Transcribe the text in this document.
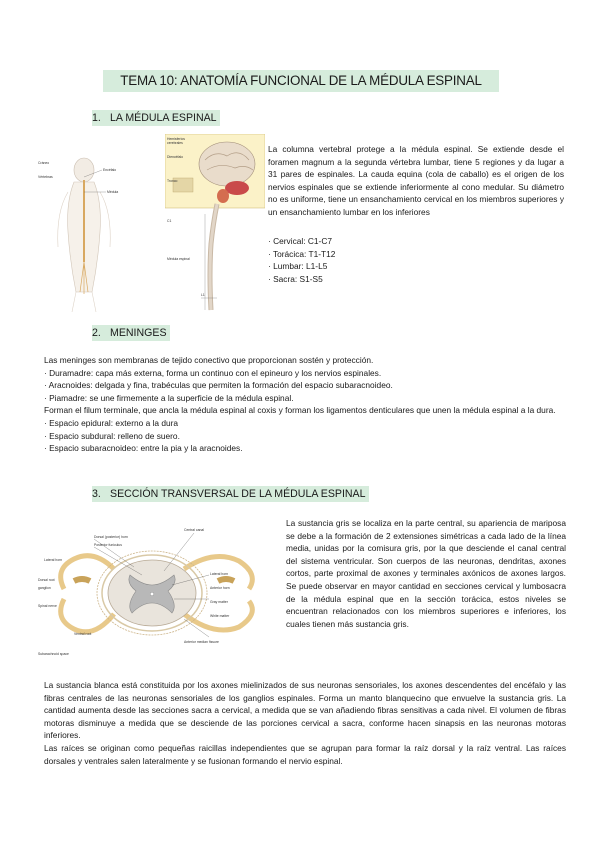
TEMA 10: ANATOMÍA FUNCIONAL DE LA MÉDULA ESPINAL
1. LA MÉDULA ESPINAL
Encéfalo
Médula
Cráneo
Vértebras
Hemisferios
cerebrales
Diencéfalo
Tronco
C1
Médula espinal
L1

La columna vertebral protege a la médula espinal. Se extiende desde el foramen magnum a la segunda vértebra lumbar, tiene 5 regiones y da lugar a 31 pares de espinales. La cauda equina (cola de caballo) es el origen de los nervios espinales que se extiende inferiormente al cono medular. Su diámetro no es uniforme, tiene un ensanchamiento cervical en los miembros superiores y un ensanchamiento lumbar en los inferiores

· Cervical: C1-C7

· Torácica: T1-T12

· Lumbar: L1-L5

· Sacra: S1-S5

2. MENINGES

Las meninges son membranas de tejido conectivo que proporcionan sostén y protección.

· Duramadre: capa más externa, forma un continuo con el epineuro y los nervios espinales.

· Aracnoides: delgada y fina, trabéculas que permiten la formación del espacio subaracnoideo.

· Piamadre: se une firmemente a la superficie de la médula espinal.

Forman el filum terminale, que ancla la médula espinal al coxis y forman los ligamentos denticulares que unen la médula espinal a la dura.

· Espacio epidural: externo a la dura

· Espacio subdural: relleno de suero.

· Espacio subaracnoideo: entre la pia y la aracnoides.

3. SECCIÓN TRANSVERSAL DE LA MÉDULA ESPINAL
Dorsal (posterior) horn
Posterior funiculus
Lateral horn
Dorsal root
ganglion
Spinal nerve
Ventral root
Subarachnoid space
Central canal
Lateral horn
Anterior horn
Gray matter
White matter
Anterior median fissure

La sustancia gris se localiza en la parte central, su apariencia de mariposa se debe a la formación de 2 extensiones simétricas a cada lado de la línea media, unidas por la comisura gris, por la que desciende el canal central del sistema ventricular. Son cuerpos de las neuronas, dendritas, axones cortos, parte proximal de axones y terminales axónicos de axones largos. Se puede observar en mayor cantidad en secciones cervical y lumbosacra de la médula espinal que en la sección torácica, estos niveles se encuentran relacionados con los miembros superiores e inferiores, los cuales tienen más sustancia gris.

La sustancia blanca está constituida por los axones mielinizados de sus neuronas sensoriales, los axones descendentes del encéfalo y las fibras centrales de las neuronas sensoriales de los ganglios espinales. Forma un manto blanquecino que envuelve la sustancia gris. La cantidad aumenta desde las secciones sacra a cervical, a medida que se van añadiendo fibras sensitivas a cada nivel. El volumen de fibras motoras disminuye a medida que se desciende de las porciones cervical a sacra, conforme hacen sinapsis en las neuronas motoras inferiores.

Las raíces se originan como pequeñas raicillas independientes que se agrupan para formar la raíz dorsal y la raíz ventral. Las raíces dorsales y ventrales salen lateralmente y se fusionan formando el nervio espinal.
